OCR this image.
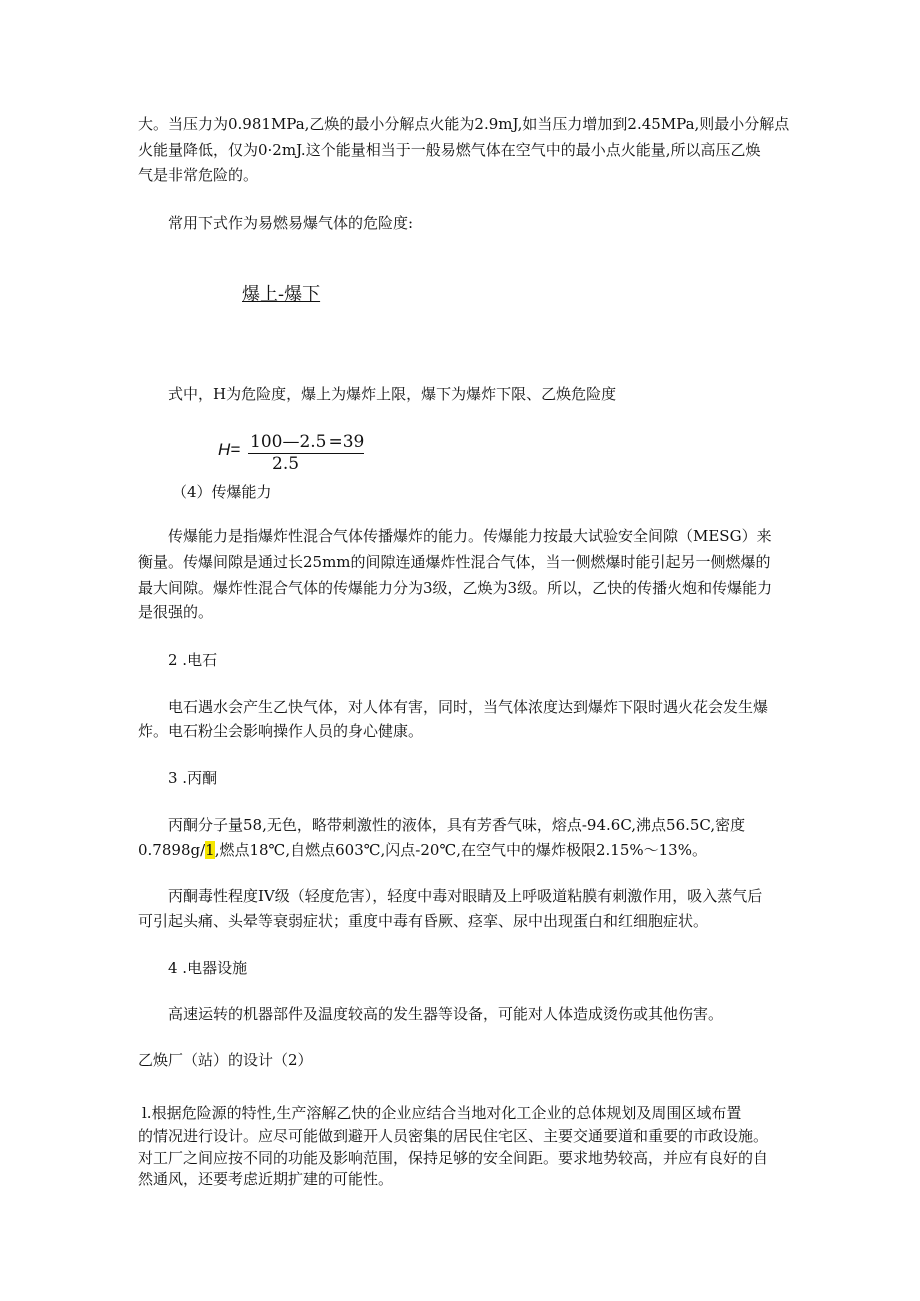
大。当压力为0.981MPa,乙焕的最小分解点火能为2.9mJ,如当压力增加到2.45MPa,则最小分解点
火能量降低，仅为0·2mJ.这个能量相当于一般易燃气体在空气中的最小点火能量,所以高压乙焕
气是非常危险的。
常用下式作为易燃易爆气体的危险度:
爆上-爆下
式中，H为危险度，爆上为爆炸上限，爆下为爆炸下限、乙焕危险度
H= 100—2.5 =39
2.5
（4）传爆能力
传爆能力是指爆炸性混合气体传播爆炸的能力。传爆能力按最大试验安全间隙（MESG）来
衡量。传爆间隙是通过长25mm的间隙连通爆炸性混合气体，当一侧燃爆时能引起另一侧燃爆的
最大间隙。爆炸性混合气体的传爆能力分为3级，乙焕为3级。所以，乙快的传播火炮和传爆能力
是很强的。
2 .电石
电石遇水会产生乙快气体，对人体有害，同时，当气体浓度达到爆炸下限时遇火花会发生爆
炸。电石粉尘会影响操作人员的身心健康。
3 .丙酮
丙酮分子量58,无色，略带刺激性的液体，具有芳香气味，熔点-94.6C,沸点56.5C,密度
0.7898g/1,燃点18℃,自燃点603℃,闪点-20℃,在空气中的爆炸极限2.15%～13%。
丙酮毒性程度IV级（轻度危害），轻度中毒对眼睛及上呼吸道粘膜有刺激作用，吸入蒸气后
可引起头痛、头晕等衰弱症状；重度中毒有昏厥、痉挛、尿中出现蛋白和红细胞症状。
4 .电器设施
高速运转的机器部件及温度较高的发生器等设备，可能对人体造成烫伤或其他伤害。
乙焕厂（站）的设计（2）
l.根据危险源的特性,生产溶解乙快的企业应结合当地对化工企业的总体规划及周围区域布置
的情况进行设计。应尽可能做到避开人员密集的居民住宅区、主要交通要道和重要的市政设施。
对工厂之间应按不同的功能及影响范围，保持足够的安全间距。要求地势较高，并应有良好的自
然通风，还要考虑近期扩建的可能性。
